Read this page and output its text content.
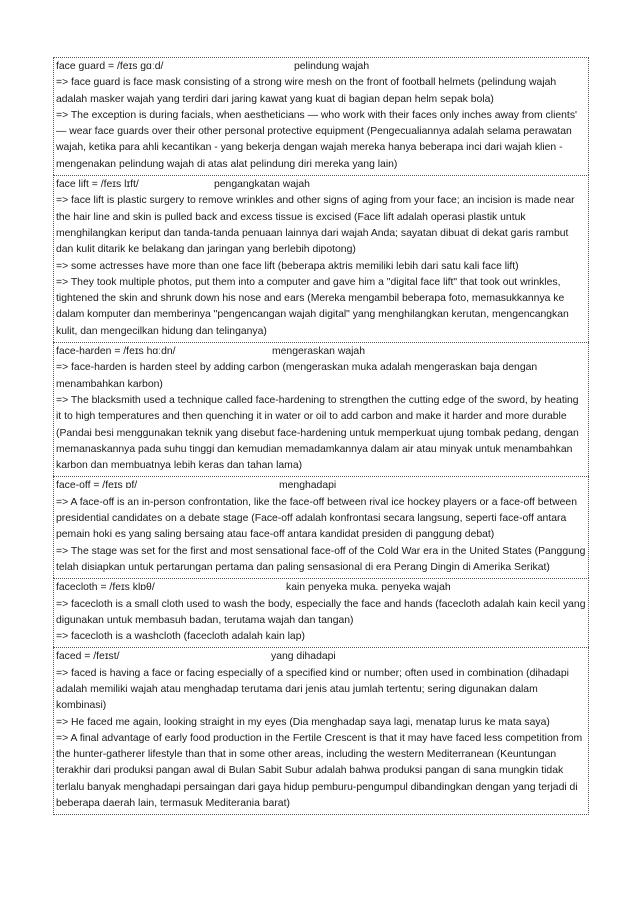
face guard = /feɪs ɡɑːd/	pelindung wajah
=> face guard is face mask consisting of a strong wire mesh on the front of football helmets (pelindung wajah adalah masker wajah yang terdiri dari jaring kawat yang kuat di bagian depan helm sepak bola)
=> The exception is during facials, when aestheticians — who work with their faces only inches away from clients' — wear face guards over their other personal protective equipment (Pengecualiannya adalah selama perawatan wajah, ketika para ahli kecantikan - yang bekerja dengan wajah mereka hanya beberapa inci dari wajah klien - mengenakan pelindung wajah di atas alat pelindung diri mereka yang lain)
face lift = /feɪs lɪft/	pengangkatan wajah
=> face lift is plastic surgery to remove wrinkles and other signs of aging from your face; an incision is made near the hair line and skin is pulled back and excess tissue is excised (Face lift adalah operasi plastik untuk menghilangkan keriput dan tanda-tanda penuaan lainnya dari wajah Anda; sayatan dibuat di dekat garis rambut dan kulit ditarik ke belakang dan jaringan yang berlebih dipotong)
=> some actresses have more than one face lift (beberapa aktris memiliki lebih dari satu kali face lift)
=> They took multiple photos, put them into a computer and gave him a "digital face lift" that took out wrinkles, tightened the skin and shrunk down his nose and ears (Mereka mengambil beberapa foto, memasukkannya ke dalam komputer dan memberinya "pengencangan wajah digital" yang menghilangkan kerutan, mengencangkan kulit, dan mengecilkan hidung dan telinganya)
face-harden = /feɪs hɑːdn/	mengeraskan wajah
=> face-harden is harden steel by adding carbon (mengeraskan muka adalah mengeraskan baja dengan menambahkan karbon)
=> The blacksmith used a technique called face-hardening to strengthen the cutting edge of the sword, by heating it to high temperatures and then quenching it in water or oil to add carbon and make it harder and more durable (Pandai besi menggunakan teknik yang disebut face-hardening untuk memperkuat ujung tombak pedang, dengan memanaskannya pada suhu tinggi dan kemudian memadamkannya dalam air atau minyak untuk menambahkan karbon dan membuatnya lebih keras dan tahan lama)
face-off = /feɪs ɒf/	menghadapi
=> A face-off is an in-person confrontation, like the face-off between rival ice hockey players or a face-off between presidential candidates on a debate stage (Face-off adalah konfrontasi secara langsung, seperti face-off antara pemain hoki es yang saling bersaing atau face-off antara kandidat presiden di panggung debat)
=> The stage was set for the first and most sensational face-off of the Cold War era in the United States (Panggung telah disiapkan untuk pertarungan pertama dan paling sensasional di era Perang Dingin di Amerika Serikat)
facecloth = /feɪs klɒθ/	kain penyeka muka. penyeka wajah
=> facecloth is a small cloth used to wash the body, especially the face and hands (facecloth adalah kain kecil yang digunakan untuk membasuh badan, terutama wajah dan tangan)
=> facecloth is a washcloth (facecloth adalah kain lap)
faced = /feɪst/	yang dihadapi
=> faced is having a face or facing especially of a specified kind or number; often used in combination (dihadapi adalah memiliki wajah atau menghadap terutama dari jenis atau jumlah tertentu; sering digunakan dalam kombinasi)
=> He faced me again, looking straight in my eyes (Dia menghadap saya lagi, menatap lurus ke mata saya)
=> A final advantage of early food production in the Fertile Crescent is that it may have faced less competition from the hunter-gatherer lifestyle than that in some other areas, including the western Mediterranean (Keuntungan terakhir dari produksi pangan awal di Bulan Sabit Subur adalah bahwa produksi pangan di sana mungkin tidak terlalu banyak menghadapi persaingan dari gaya hidup pemburu-pengumpul dibandingkan dengan yang terjadi di beberapa daerah lain, termasuk Mediterania barat)
